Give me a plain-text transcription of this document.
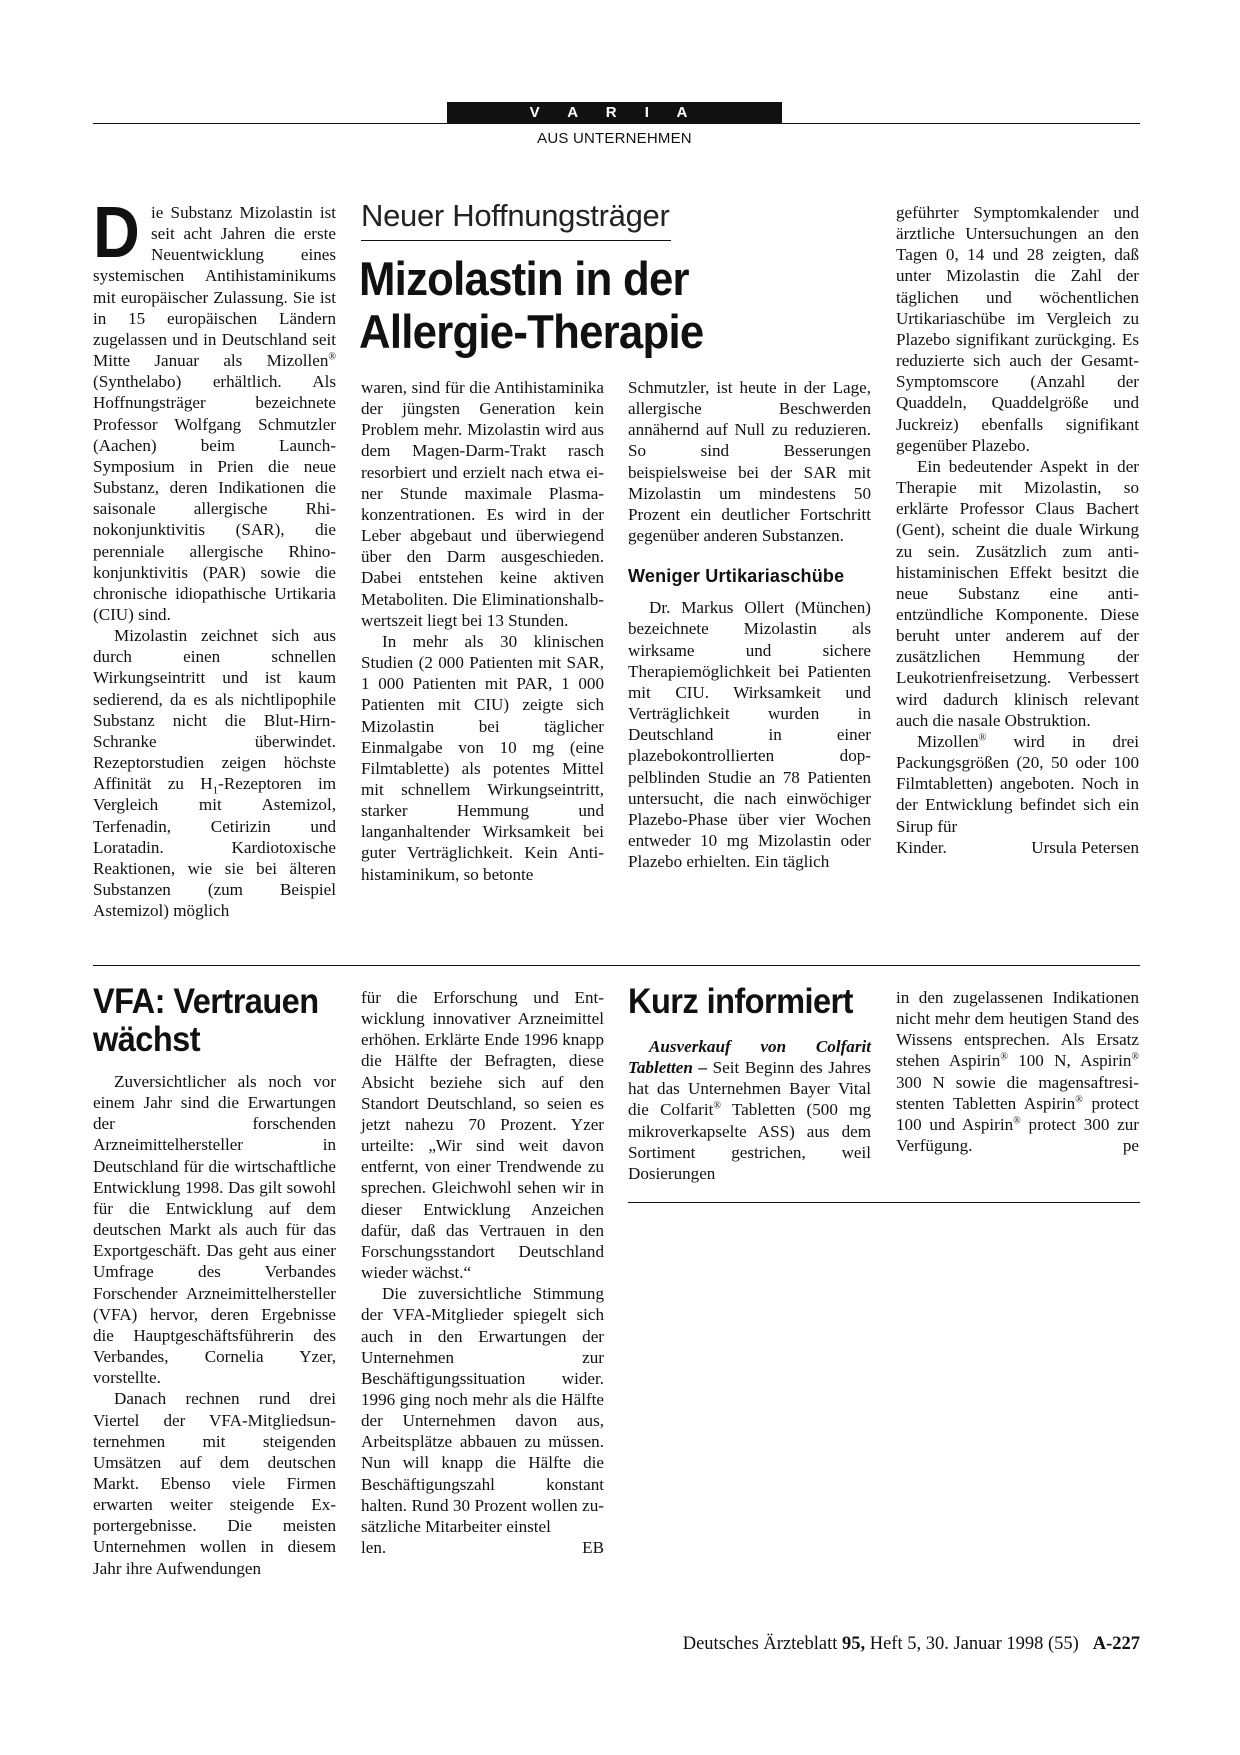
V A R I A
AUS UNTERNEHMEN
Neuer Hoffnungsträger
Mizolastin in der Allergie-Therapie

Die Substanz Mizolastin ist seit acht Jahren die erste Neuentwicklung eines systemischen Antihistaminikums mit europäischer Zulassung. Sie ist in 15 europäischen Ländern zugelassen und in Deutschland seit Mitte Januar als Mizollen® (Synthelabo) erhältlich. Als Hoffnungsträger bezeichnete Professor Wolfgang Schmutzler (Aachen) beim Launch-Symposium in Prien die neue Substanz, deren Indikationen die saisonale allergische Rhinokonjunktivitis (SAR), die perenniale allergische Rhinokonjunktivitis (PAR) sowie die chronische idiopathische Urtikaria (CIU) sind.

Mizolastin zeichnet sich aus durch einen schnellen Wirkungseintritt und ist kaum sedierend, da es als nichtlipophile Substanz nicht die Blut-Hirn-Schranke überwindet. Rezeptorstudien zeigen höchste Affinität zu $H_1$-Rezeptoren im Vergleich mit Astemizol, Terfenadin, Cetirizin und Loratadin. Kardiotoxische Reaktionen, wie sie bei älteren Substanzen (zum Beispiel Astemizol) möglich

waren, sind für die Antihistaminika der jüngsten Generation kein Problem mehr. Mizolastin wird aus dem Magen-Darm-Trakt rasch resorbiert und erzielt nach etwa einer Stunde maximale Plasmakonzentrationen. Es wird in der Leber abgebaut und überwiegend über den Darm ausgeschieden. Dabei entstehen keine aktiven Metaboliten. Die Eliminationshalbwertszeit liegt bei 13 Stunden.

In mehr als 30 klinischen Studien (2 000 Patienten mit SAR, 1 000 Patienten mit PAR, 1 000 Patienten mit CIU) zeigte sich Mizolastin bei täglicher Einmalgabe von 10 mg (eine Filmtablette) als potentes Mittel mit schnellem Wirkungseintritt, starker Hemmung und langanhaltender Wirksamkeit bei guter Verträglichkeit. Kein Antihistaminikum, so betonte

Schmutzler, ist heute in der Lage, allergische Beschwerden annähernd auf Null zu reduzieren. So sind Besserungen beispielsweise bei der SAR mit Mizolastin um mindestens 50 Prozent ein deutlicher Fortschritt gegenüber anderen Substanzen.

Weniger Urtikariaschübe

Dr. Markus Ollert (München) bezeichnete Mizolastin als wirksame und sichere Therapiemöglichkeit bei Patienten mit CIU. Wirksamkeit und Verträglichkeit wurden in Deutschland in einer plazebokontrollierten doppelblinden Studie an 78 Patienten untersucht, die nach einwöchiger Plazebo-Phase über vier Wochen entweder 10 mg Mizolastin oder Plazebo erhielten. Ein täglich

geführter Symptomkalender und ärztliche Untersuchungen an den Tagen 0, 14 und 28 zeigten, daß unter Mizolastin die Zahl der täglichen und wöchentlichen Urtikariaschübe im Vergleich zu Plazebo signifikant zurückging. Es reduzierte sich auch der Gesamt-Symptomscore (Anzahl der Quaddeln, Quaddelgröße und Juckreiz) ebenfalls signifikant gegenüber Plazebo.

Ein bedeutender Aspekt in der Therapie mit Mizolastin, so erklärte Professor Claus Bachert (Gent), scheint die duale Wirkung zu sein. Zusätzlich zum antihistaminischen Effekt besitzt die neue Substanz eine antientzündliche Komponente. Diese beruht unter anderem auf der zusätzlichen Hemmung der Leukotrienfreisetzung. Verbessert wird dadurch klinisch relevant auch die nasale Obstruktion.

Mizollen® wird in drei Packungsgrößen (20, 50 oder 100 Filmtabletten) angeboten. Noch in der Entwicklung befindet sich ein Sirup für

Kinder.	Ursula Petersen
VFA: Vertrauen wächst

Zuversichtlicher als noch vor einem Jahr sind die Erwartungen der forschenden Arzneimittelhersteller in Deutschland für die wirtschaftliche Entwicklung 1998. Das gilt sowohl für die Entwicklung auf dem deutschen Markt als auch für das Exportgeschäft. Das geht aus einer Umfrage des Verbandes Forschender Arzneimittelhersteller (VFA) hervor, deren Ergebnisse die Hauptgeschäftsführerin des Verbandes, Cornelia Yzer, vorstellte.

Danach rechnen rund drei Viertel der VFA-Mitgliedsunternehmen mit steigenden Umsätzen auf dem deutschen Markt. Ebenso viele Firmen erwarten weiter steigende Exportergebnisse. Die meisten Unternehmen wollen in diesem Jahr ihre Aufwendungen

für die Erforschung und Entwicklung innovativer Arzneimittel erhöhen. Erklärte Ende 1996 knapp die Hälfte der Befragten, diese Absicht beziehe sich auf den Standort Deutschland, so seien es jetzt nahezu 70 Prozent. Yzer urteilte: „Wir sind weit davon entfernt, von einer Trendwende zu sprechen. Gleichwohl sehen wir in dieser Entwicklung Anzeichen dafür, daß das Vertrauen in den Forschungsstandort Deutschland wieder wächst.“

Die zuversichtliche Stimmung der VFA-Mitglieder spiegelt sich auch in den Erwartungen der Unternehmen zur Beschäftigungssituation wider. 1996 ging noch mehr als die Hälfte der Unternehmen davon aus, Arbeitsplätze abbauen zu müssen. Nun will knapp die Hälfte die Beschäftigungszahl konstant halten. Rund 30 Prozent wollen zusätzliche Mitarbeiter einstel

len.	EB
Kurz informiert

Ausverkauf von Colfarit Tabletten – Seit Beginn des Jahres hat das Unternehmen Bayer Vital die Colfarit® Tabletten (500 mg mikroverkapselte ASS) aus dem Sortiment gestrichen, weil Dosierungen

in den zugelassenen Indikationen nicht mehr dem heutigen Stand des Wissens entsprechen. Als Ersatz stehen Aspirin® 100 N, Aspirin® 300 N sowie die magensaftresistenten Tabletten Aspirin® protect 100 und Aspirin® protect 300 zur Verfügung.	pe

Deutsches Ärzteblatt 95, Heft 5, 30. Januar 1998 (55) A-227
